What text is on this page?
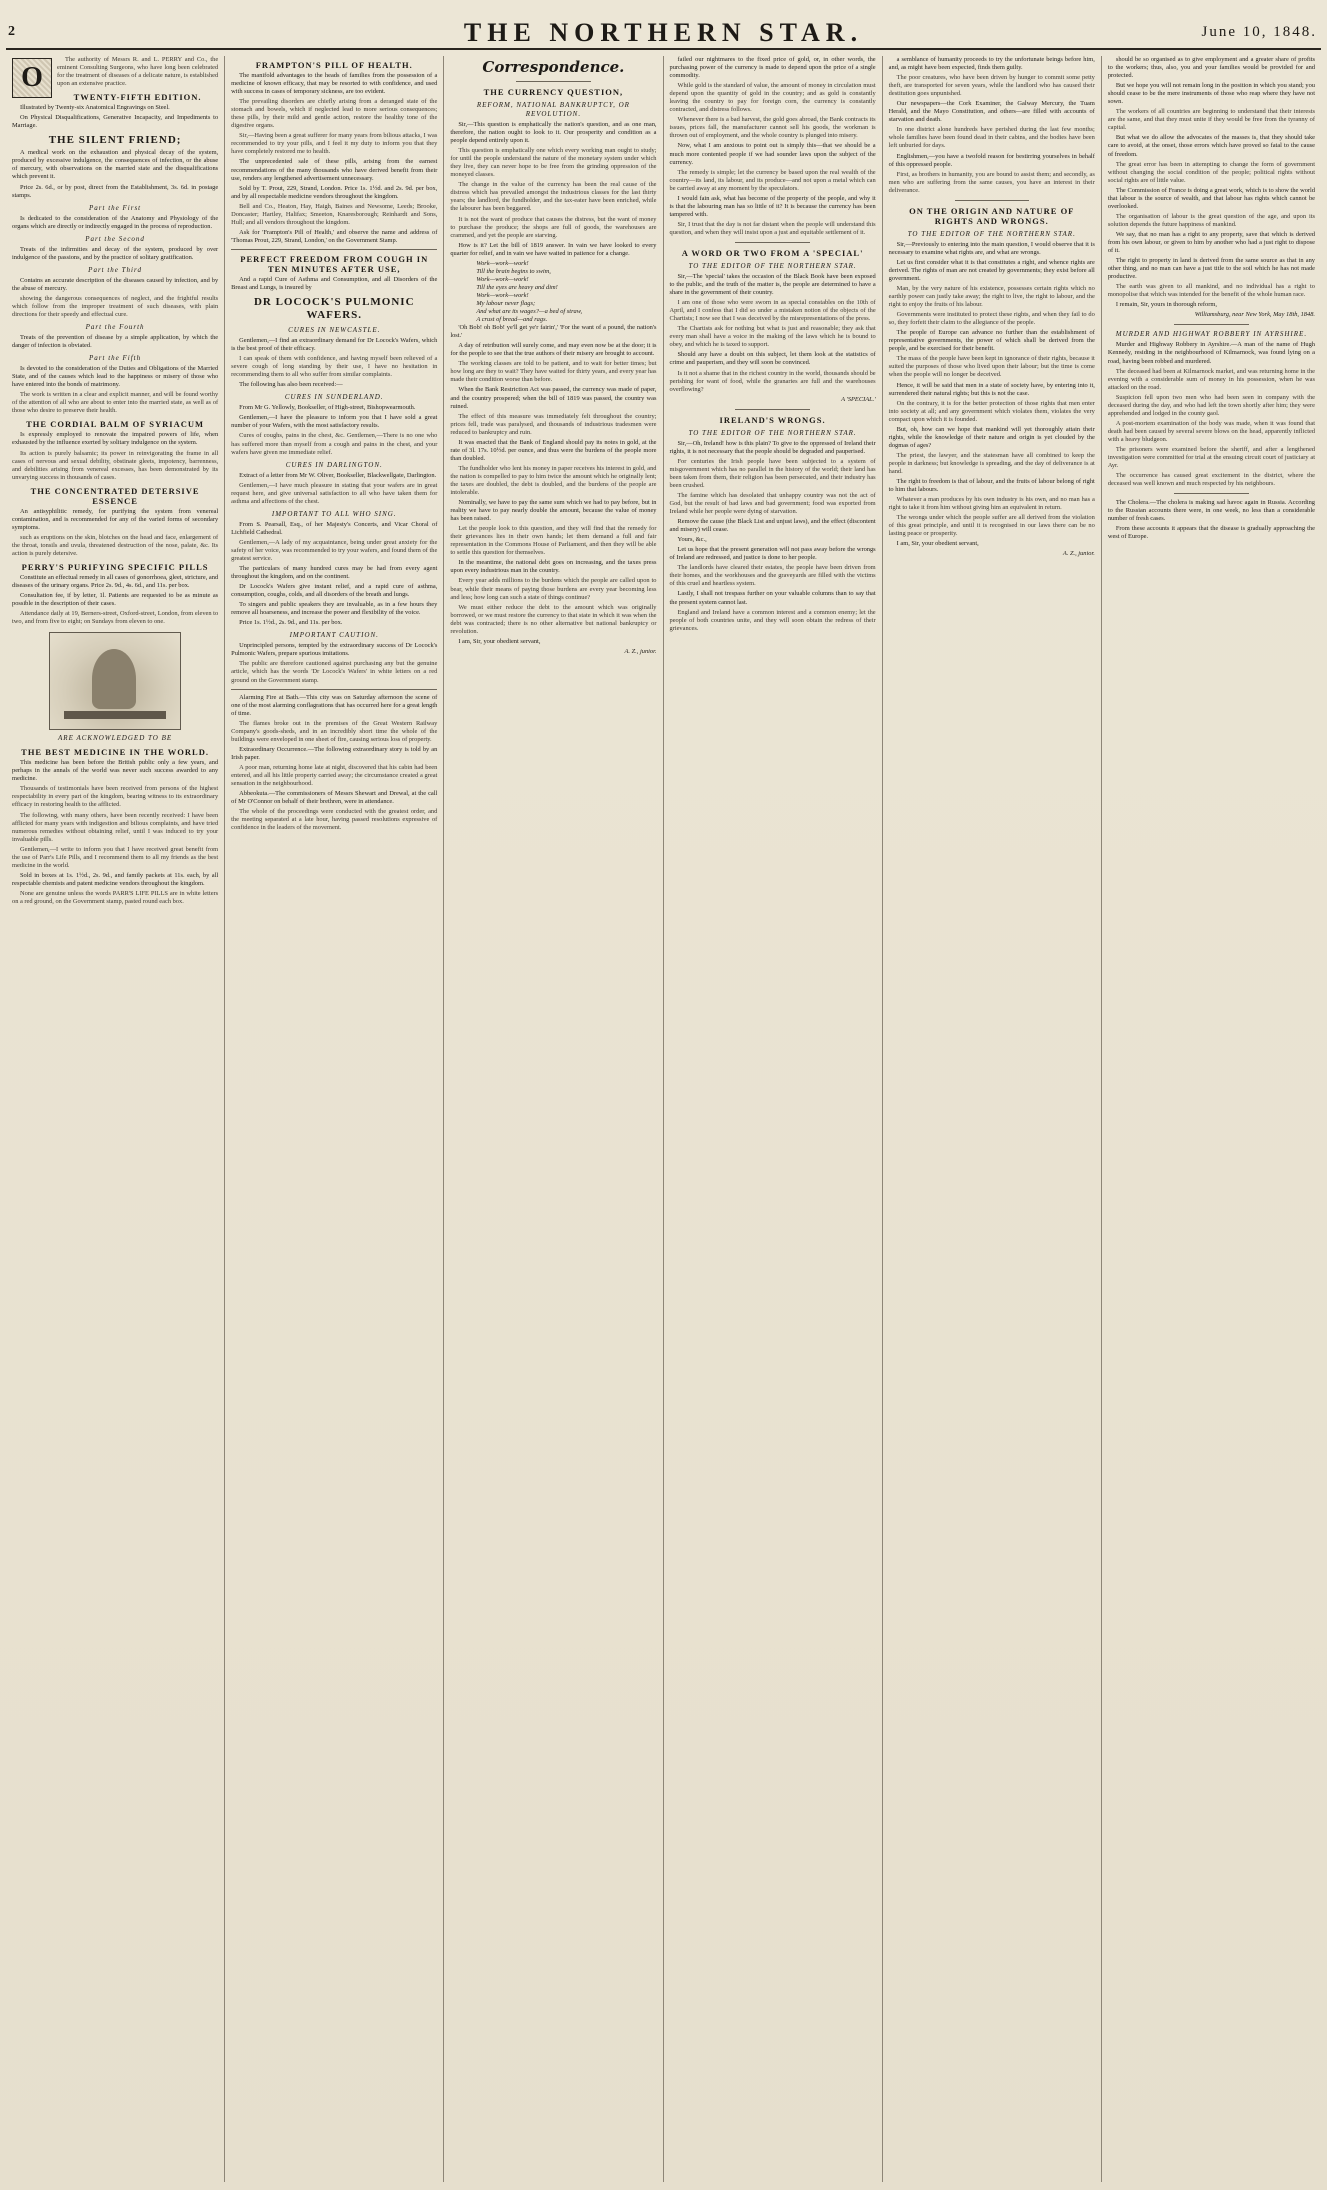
2	THE NORTHERN STAR.	June 10, 1848.
O

The authority of Messrs R. and L. PERRY and Co., the eminent Consulting Surgeons, who have long been celebrated for the treatment of diseases of a delicate nature, is established upon an extensive practice.

TWENTY-FIFTH EDITION.

Illustrated by Twenty-six Anatomical Engravings on Steel.

On Physical Disqualifications, Generative Incapacity, and Impediments to Marriage.

THE SILENT FRIEND;

A medical work on the exhaustion and physical decay of the system, produced by excessive indulgence, the consequences of infection, or the abuse of mercury, with observations on the married state and the disqualifications which prevent it.

Price 2s. 6d., or by post, direct from the Establishment, 3s. 6d. in postage stamps.

Part the First

Is dedicated to the consideration of the Anatomy and Physiology of the organs which are directly or indirectly engaged in the process of reproduction.

Part the Second

Treats of the infirmities and decay of the system, produced by over indulgence of the passions, and by the practice of solitary gratification.

Part the Third

Contains an accurate description of the diseases caused by infection, and by the abuse of mercury.

showing the dangerous consequences of neglect, and the frightful results which follow from the improper treatment of such diseases, with plain directions for their speedy and effectual cure.

Part the Fourth

Treats of the prevention of disease by a simple application, by which the danger of infection is obviated.

Part the Fifth

Is devoted to the consideration of the Duties and Obligations of the Married State, and of the causes which lead to the happiness or misery of those who have entered into the bonds of matrimony.

The work is written in a clear and explicit manner, and will be found worthy of the attention of all who are about to enter into the married state, as well as of those who desire to preserve their health.

THE CORDIAL BALM OF SYRIACUM

Is expressly employed to renovate the impaired powers of life, when exhausted by the influence exerted by solitary indulgence on the system.

Its action is purely balsamic; its power in reinvigorating the frame in all cases of nervous and sexual debility, obstinate gleets, impotency, barrenness, and debilities arising from venereal excesses, has been demonstrated by its unvarying success in thousands of cases.

THE CONCENTRATED DETERSIVE ESSENCE

An antisyphilitic remedy, for purifying the system from venereal contamination, and is recommended for any of the varied forms of secondary symptoms.

such as eruptions on the skin, blotches on the head and face, enlargement of the throat, tonsils and uvula, threatened destruction of the nose, palate, &c. Its action is purely detersive.

PERRY'S PURIFYING SPECIFIC PILLS

Constitute an effectual remedy in all cases of gonorrhoea, gleet, stricture, and diseases of the urinary organs. Price 2s. 9d., 4s. 6d., and 11s. per box.

Consultation fee, if by letter, 1l. Patients are requested to be as minute as possible in the description of their cases.

Attendance daily at 19, Berners-street, Oxford-street, London, from eleven to two, and from five to eight; on Sundays from eleven to one.

ARE ACKNOWLEDGED TO BE
THE BEST MEDICINE IN THE WORLD.

This medicine has been before the British public only a few years, and perhaps in the annals of the world was never such success awarded to any medicine.

Thousands of testimonials have been received from persons of the highest respectability in every part of the kingdom, bearing witness to its extraordinary efficacy in restoring health to the afflicted.

The following, with many others, have been recently received: I have been afflicted for many years with indigestion and bilious complaints, and have tried numerous remedies without obtaining relief, until I was induced to try your invaluable pills.

Gentlemen,—I write to inform you that I have received great benefit from the use of Parr's Life Pills, and I recommend them to all my friends as the best medicine in the world.

Sold in boxes at 1s. 1½d., 2s. 9d., and family packets at 11s. each, by all respectable chemists and patent medicine vendors throughout the kingdom.

None are genuine unless the words PARR'S LIFE PILLS are in white letters on a red ground, on the Government stamp, pasted round each box.

FRAMPTON'S PILL OF HEALTH.

The manifold advantages to the heads of families from the possession of a medicine of known efficacy, that may be resorted to with confidence, and used with success in cases of temporary sickness, are too evident.

The prevailing disorders are chiefly arising from a deranged state of the stomach and bowels, which if neglected lead to more serious consequences; these pills, by their mild and gentle action, restore the healthy tone of the digestive organs.

Sir,—Having been a great sufferer for many years from bilious attacks, I was recommended to try your pills, and I feel it my duty to inform you that they have completely restored me to health.

The unprecedented sale of these pills, arising from the earnest recommendations of the many thousands who have derived benefit from their use, renders any lengthened advertisement unnecessary.

Sold by T. Prout, 229, Strand, London. Price 1s. 1½d. and 2s. 9d. per box, and by all respectable medicine vendors throughout the kingdom.

Bell and Co., Heaton, Hay, Haigh, Baines and Newsome, Leeds; Brooke, Doncaster; Hartley, Halifax; Smeeton, Knaresborough; Reinhardt and Sons, Hull; and all vendors throughout the kingdom.

Ask for 'Frampton's Pill of Health,' and observe the name and address of 'Thomas Prout, 229, Strand, London,' on the Government Stamp.

PERFECT FREEDOM FROM COUGH IN TEN MINUTES AFTER USE,

And a rapid Cure of Asthma and Consumption, and all Disorders of the Breast and Lungs, is insured by

DR LOCOCK'S PULMONIC WAFERS.
CURES IN NEWCASTLE.

Gentlemen,—I find an extraordinary demand for Dr Locock's Wafers, which is the best proof of their efficacy.

I can speak of them with confidence, and having myself been relieved of a severe cough of long standing by their use, I have no hesitation in recommending them to all who suffer from similar complaints.

The following has also been received:—

CURES IN SUNDERLAND.

From Mr G. Yellowly, Bookseller, of High-street, Bishopwearmouth.

Gentlemen,—I have the pleasure to inform you that I have sold a great number of your Wafers, with the most satisfactory results.

Cures of coughs, pains in the chest, &c. Gentlemen,—There is no one who has suffered more than myself from a cough and pains in the chest, and your wafers have given me immediate relief.

CURES IN DARLINGTON.

Extract of a letter from Mr W. Oliver, Bookseller, Blackwellgate, Darlington.

Gentlemen,—I have much pleasure in stating that your wafers are in great request here, and give universal satisfaction to all who have taken them for asthma and affections of the chest.

IMPORTANT TO ALL WHO SING.

From S. Pearsall, Esq., of her Majesty's Concerts, and Vicar Choral of Lichfield Cathedral.

Gentlemen,—A lady of my acquaintance, being under great anxiety for the safety of her voice, was recommended to try your wafers, and found them of the greatest service.

The particulars of many hundred cures may be had from every agent throughout the kingdom, and on the continent.

Dr Locock's Wafers give instant relief, and a rapid cure of asthma, consumption, coughs, colds, and all disorders of the breath and lungs.

To singers and public speakers they are invaluable, as in a few hours they remove all hoarseness, and increase the power and flexibility of the voice.

Price 1s. 1½d., 2s. 9d., and 11s. per box.

IMPORTANT CAUTION.

Unprincipled persons, tempted by the extraordinary success of Dr Locock's Pulmonic Wafers, prepare spurious imitations.

The public are therefore cautioned against purchasing any but the genuine article, which has the words 'Dr Locock's Wafers' in white letters on a red ground on the Government stamp.

Alarming Fire at Bath.—This city was on Saturday afternoon the scene of one of the most alarming conflagrations that has occurred here for a great length of time.

The flames broke out in the premises of the Great Western Railway Company's goods-sheds, and in an incredibly short time the whole of the buildings were enveloped in one sheet of fire, causing serious loss of property.

Extraordinary Occurrence.—The following extraordinary story is told by an Irish paper.

A poor man, returning home late at night, discovered that his cabin had been entered, and all his little property carried away; the circumstance created a great sensation in the neighbourhood.

Abbeokuta.—The commissioners of Messrs Shewart and Drewal, at the call of Mr O'Connor on behalf of their brethren, were in attendance.

The whole of the proceedings were conducted with the greatest order, and the meeting separated at a late hour, having passed resolutions expressive of confidence in the leaders of the movement.

Correspondence.
THE CURRENCY QUESTION,
REFORM, NATIONAL BANKRUPTCY, OR REVOLUTION.

Sir,—This question is emphatically the nation's question, and as one man, therefore, the nation ought to look to it. Our prosperity and condition as a people depend entirely upon it.

This question is emphatically one which every working man ought to study; for until the people understand the nature of the monetary system under which they live, they can never hope to be free from the grinding oppression of the moneyed classes.

The change in the value of the currency has been the real cause of the distress which has prevailed amongst the industrious classes for the last thirty years; the landlord, the fundholder, and the tax-eater have been enriched, while the labourer has been beggared.

It is not the want of produce that causes the distress, but the want of money to purchase the produce; the shops are full of goods, the warehouses are crammed, and yet the people are starving.

How is it? Let the bill of 1819 answer. In vain we have looked to every quarter for relief, and in vain we have waited in patience for a change.

Work—work—work!
Till the brain begins to swim,
Work—work—work!
Till the eyes are heavy and dim!
Work—work—work!
My labour never flags;
And what are its wages?—a bed of straw,
A crust of bread—and rags.

'Oh Bob! oh Bob! ye'll get ye'r fairin',' 'For the want of a pound, the nation's lost.'

A day of retribution will surely come, and may even now be at the door; it is for the people to see that the true authors of their misery are brought to account.

The working classes are told to be patient, and to wait for better times; but how long are they to wait? They have waited for thirty years, and every year has made their condition worse than before.

When the Bank Restriction Act was passed, the currency was made of paper, and the country prospered; when the bill of 1819 was passed, the country was ruined.

The effect of this measure was immediately felt throughout the country; prices fell, trade was paralysed, and thousands of industrious tradesmen were reduced to bankruptcy and ruin.

It was enacted that the Bank of England should pay its notes in gold, at the rate of 3l. 17s. 10½d. per ounce, and thus were the burdens of the people more than doubled.

The fundholder who lent his money in paper receives his interest in gold, and the nation is compelled to pay to him twice the amount which he originally lent; the taxes are doubled, the debt is doubled, and the burdens of the people are intolerable.

Nominally, we have to pay the same sum which we had to pay before, but in reality we have to pay nearly double the amount, because the value of money has been raised.

Let the people look to this question, and they will find that the remedy for their grievances lies in their own hands; let them demand a full and fair representation in the Commons House of Parliament, and then they will be able to settle this question for themselves.

In the meantime, the national debt goes on increasing, and the taxes press upon every industrious man in the country.

Every year adds millions to the burdens which the people are called upon to bear, while their means of paying those burdens are every year becoming less and less; how long can such a state of things continue?

We must either reduce the debt to the amount which was originally borrowed, or we must restore the currency to that state in which it was when the debt was contracted; there is no other alternative but national bankruptcy or revolution.

I am, Sir, your obedient servant,

A. Z., junior.

failed our nightmares to the fixed price of gold, or, in other words, the purchasing power of the currency is made to depend upon the price of a single commodity.

While gold is the standard of value, the amount of money in circulation must depend upon the quantity of gold in the country; and as gold is constantly leaving the country to pay for foreign corn, the currency is constantly contracted, and distress follows.

Whenever there is a bad harvest, the gold goes abroad, the Bank contracts its issues, prices fall, the manufacturer cannot sell his goods, the workman is thrown out of employment, and the whole country is plunged into misery.

Now, what I am anxious to point out is simply this—that we should be a much more contented people if we had sounder laws upon the subject of the currency.

The remedy is simple; let the currency be based upon the real wealth of the country—its land, its labour, and its produce—and not upon a metal which can be carried away at any moment by the speculators.

I would fain ask, what has become of the property of the people, and why it is that the labouring man has so little of it? It is because the currency has been tampered with.

Sir, I trust that the day is not far distant when the people will understand this question, and when they will insist upon a just and equitable settlement of it.

A WORD OR TWO FROM A 'SPECIAL'
TO THE EDITOR OF THE NORTHERN STAR.

Sir,—The 'special' takes the occasion of the Black Book have been exposed to the public, and the truth of the matter is, the people are determined to have a share in the government of their country.

I am one of those who were sworn in as special constables on the 10th of April, and I confess that I did so under a mistaken notion of the objects of the Chartists; I now see that I was deceived by the misrepresentations of the press.

The Chartists ask for nothing but what is just and reasonable; they ask that every man shall have a voice in the making of the laws which he is bound to obey, and which he is taxed to support.

Should any have a doubt on this subject, let them look at the statistics of crime and pauperism, and they will soon be convinced.

Is it not a shame that in the richest country in the world, thousands should be perishing for want of food, while the granaries are full and the warehouses overflowing?

A 'SPECIAL.'

IRELAND'S WRONGS.
TO THE EDITOR OF THE NORTHERN STAR.

Sir,—Oh, Ireland! how is this plain? To give to the oppressed of Ireland their rights, it is not necessary that the people should be degraded and pauperised.

For centuries the Irish people have been subjected to a system of misgovernment which has no parallel in the history of the world; their land has been taken from them, their religion has been persecuted, and their industry has been crushed.

The famine which has desolated that unhappy country was not the act of God, but the result of bad laws and bad government; food was exported from Ireland while her people were dying of starvation.

Remove the cause (the Black List and unjust laws), and the effect (discontent and misery) will cease.

Yours, &c.,

Let us hope that the present generation will not pass away before the wrongs of Ireland are redressed, and justice is done to her people.

The landlords have cleared their estates, the people have been driven from their homes, and the workhouses and the graveyards are filled with the victims of this cruel and heartless system.

Lastly, I shall not trespass further on your valuable columns than to say that the present system cannot last.

England and Ireland have a common interest and a common enemy; let the people of both countries unite, and they will soon obtain the redress of their grievances.

a semblance of humanity proceeds to try the unfortunate beings before him, and, as might have been expected, finds them guilty.

The poor creatures, who have been driven by hunger to commit some petty theft, are transported for seven years, while the landlord who has caused their destitution goes unpunished.

Our newspapers—the Cork Examiner, the Galway Mercury, the Tuam Herald, and the Mayo Constitution, and others—are filled with accounts of starvation and death.

In one district alone hundreds have perished during the last few months; whole families have been found dead in their cabins, and the bodies have been left unburied for days.

Englishmen,—you have a twofold reason for bestirring yourselves in behalf of this oppressed people.

First, as brothers in humanity, you are bound to assist them; and secondly, as men who are suffering from the same causes, you have an interest in their deliverance.

ON THE ORIGIN AND NATURE OF RIGHTS AND WRONGS.
TO THE EDITOR OF THE NORTHERN STAR.

Sir,—Previously to entering into the main question, I would observe that it is necessary to examine what rights are, and what are wrongs.

Let us first consider what it is that constitutes a right, and whence rights are derived. The rights of man are not created by governments; they exist before all government.

Man, by the very nature of his existence, possesses certain rights which no earthly power can justly take away; the right to live, the right to labour, and the right to enjoy the fruits of his labour.

Governments were instituted to protect these rights, and when they fail to do so, they forfeit their claim to the allegiance of the people.

The people of Europe can advance no further than the establishment of representative governments, the power of which shall be derived from the people, and be exercised for their benefit.

The mass of the people have been kept in ignorance of their rights, because it suited the purposes of those who lived upon their labour; but the time is come when the people will no longer be deceived.

Hence, it will be said that men in a state of society have, by entering into it, surrendered their natural rights; but this is not the case.

On the contrary, it is for the better protection of those rights that men enter into society at all; and any government which violates them, violates the very compact upon which it is founded.

But, oh, how can we hope that mankind will yet thoroughly attain their rights, while the knowledge of their nature and origin is yet clouded by the dogmas of ages?

The priest, the lawyer, and the statesman have all combined to keep the people in darkness; but knowledge is spreading, and the day of deliverance is at hand.

The right to freedom is that of labour, and the fruits of labour belong of right to him that labours.

Whatever a man produces by his own industry is his own, and no man has a right to take it from him without giving him an equivalent in return.

The wrongs under which the people suffer are all derived from the violation of this great principle, and until it is recognised in our laws there can be no lasting peace or prosperity.

I am, Sir, your obedient servant,

A. Z., junior.

should be so organised as to give employment and a greater share of profits to the workers; thus, also, you and your families would be provided for and protected.

But we hope you will not remain long in the position in which you stand; you should cease to be the mere instruments of those who reap where they have not sown.

The workers of all countries are beginning to understand that their interests are the same, and that they must unite if they would be free from the tyranny of capital.

But what we do allow the advocates of the masses is, that they should take care to avoid, at the onset, those errors which have proved so fatal to the cause of freedom.

The great error has been in attempting to change the form of government without changing the social condition of the people; political rights without social rights are of little value.

The Commission of France is doing a great work, which is to show the world that labour is the source of wealth, and that labour has rights which cannot be overlooked.

The organisation of labour is the great question of the age, and upon its solution depends the future happiness of mankind.

We say, that no man has a right to any property, save that which is derived from his own labour, or given to him by another who had a just right to dispose of it.

The right to property in land is derived from the same source as that in any other thing, and no man can have a just title to the soil which he has not made productive.

The earth was given to all mankind, and no individual has a right to monopolise that which was intended for the benefit of the whole human race.

I remain, Sir, yours in thorough reform,

Williamsburg, near New York, May 18th, 1848.

MURDER AND HIGHWAY ROBBERY IN AYRSHIRE.

Murder and Highway Robbery in Ayrshire.—A man of the name of Hugh Kennedy, residing in the neighbourhood of Kilmarnock, was found lying on a road, having been robbed and murdered.

The deceased had been at Kilmarnock market, and was returning home in the evening with a considerable sum of money in his possession, when he was attacked on the road.

Suspicion fell upon two men who had been seen in company with the deceased during the day, and who had left the town shortly after him; they were apprehended and lodged in the county gaol.

A post-mortem examination of the body was made, when it was found that death had been caused by several severe blows on the head, apparently inflicted with a heavy bludgeon.

The prisoners were examined before the sheriff, and after a lengthened investigation were committed for trial at the ensuing circuit court of justiciary at Ayr.

The occurrence has caused great excitement in the district, where the deceased was well known and much respected by his neighbours.

The Cholera.—The cholera is making sad havoc again in Russia. According to the Russian accounts there were, in one week, no less than a considerable number of fresh cases.

From these accounts it appears that the disease is gradually approaching the west of Europe.
